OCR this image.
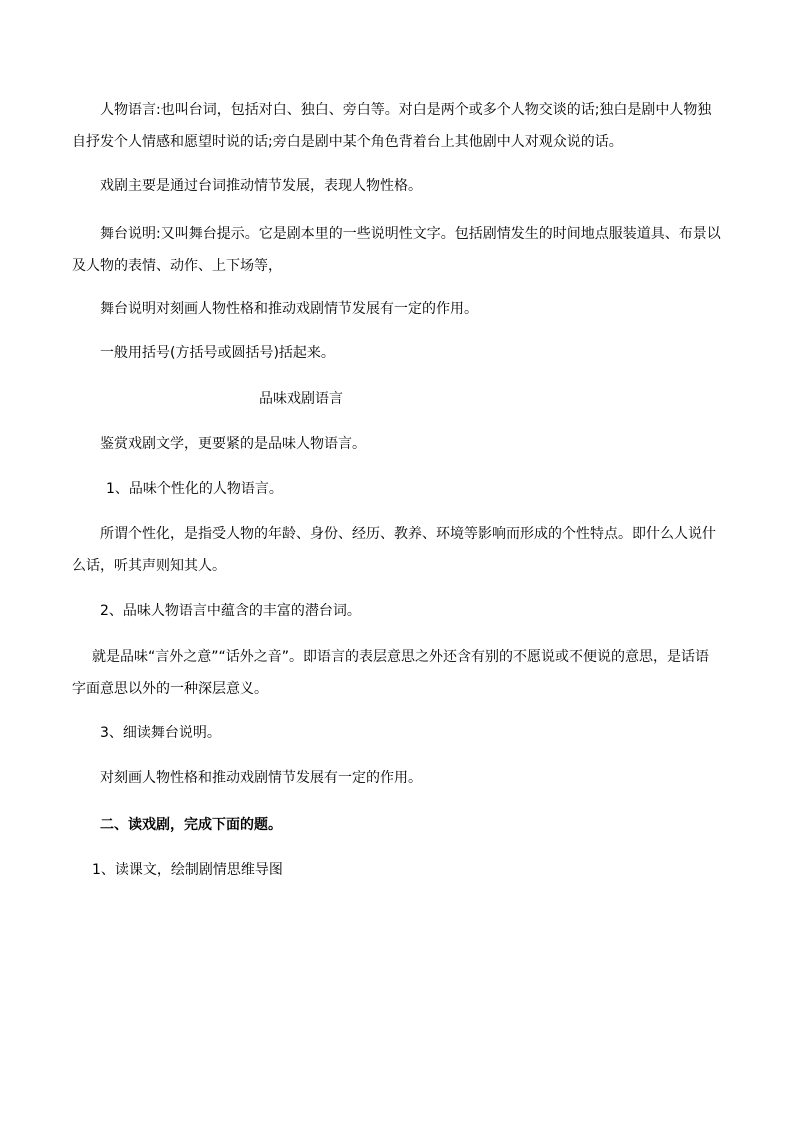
人物语言:也叫台词，包括对白、独白、旁白等。对白是两个或多个人物交谈的话;独白是剧中人物独
自抒发个人情感和愿望时说的话;旁白是剧中某个角色背着台上其他剧中人对观众说的话。
戏剧主要是通过台词推动情节发展，表现人物性格。
舞台说明:又叫舞台提示。它是剧本里的一些说明性文字。包括剧情发生的时间地点服装道具、布景以
及人物的表情、动作、上下场等，
舞台说明对刻画人物性格和推动戏剧情节发展有一定的作用。
一般用括号(方括号或圆括号)括起来。
品味戏剧语言
鉴赏戏剧文学，更要紧的是品味人物语言。
1、品味个性化的人物语言。
所谓个性化，是指受人物的年龄、身份、经历、教养、环境等影响而形成的个性特点。即什么人说什
么话，听其声则知其人。
2、品味人物语言中蕴含的丰富的潜台词。
就是品味“言外之意”“话外之音”。即语言的表层意思之外还含有别的不愿说或不便说的意思，是话语
字面意思以外的一种深层意义。
3、细读舞台说明。
对刻画人物性格和推动戏剧情节发展有一定的作用。
二、读戏剧，完成下面的题。
1、读课文，绘制剧情思维导图
